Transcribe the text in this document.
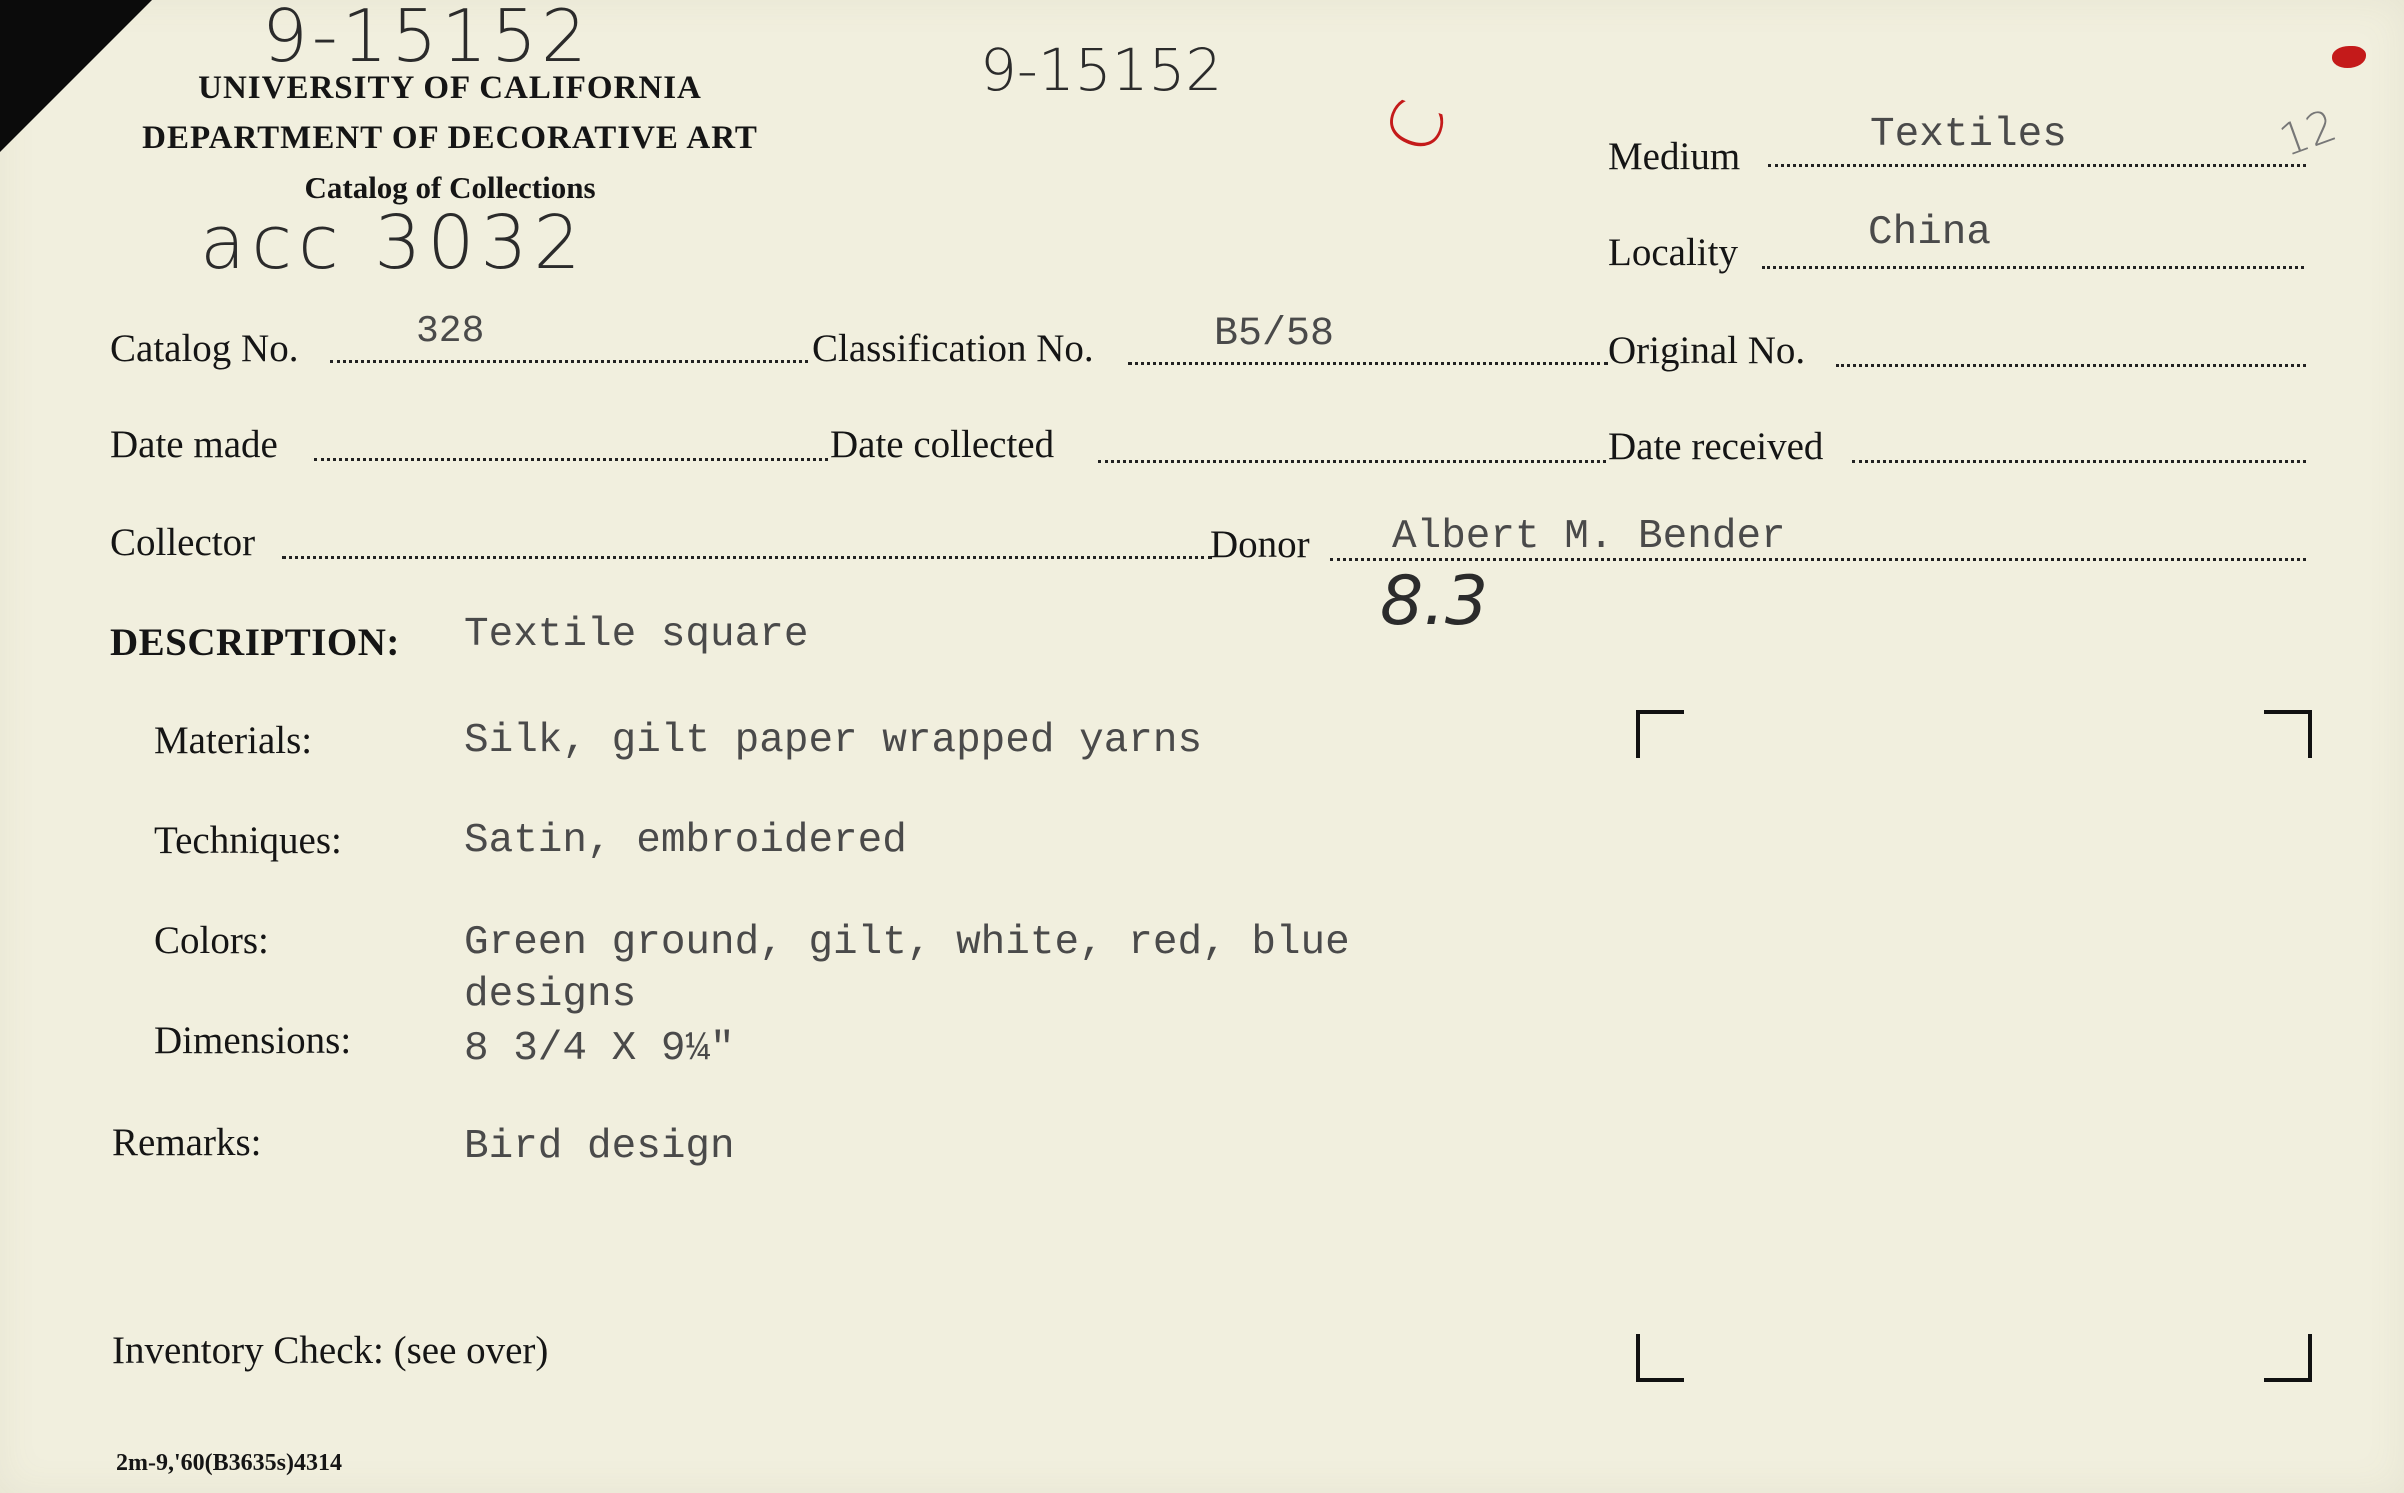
9-15152	9-15152
acc 3032
C	12
8.3
UNIVERSITY OF CALIFORNIA
DEPARTMENT OF DECORATIVE ART
Catalog of Collections
Medium	Textiles
Locality	China
Catalog No.	328	Classification No.	B5/58	Original No.
Date made	Date collected	Date received
Collector	Donor Albert M. Bender
DESCRIPTION: Textile square
Materials:	Silk, gilt paper wrapped yarns
Techniques:	Satin, embroidered
Colors:	Green ground, gilt, white, red, blue
designs
Dimensions:	8 3/4 X 9¼"
Remarks:	Bird design
Inventory Check: (see over)
2m-9,'60(B3635s)4314
